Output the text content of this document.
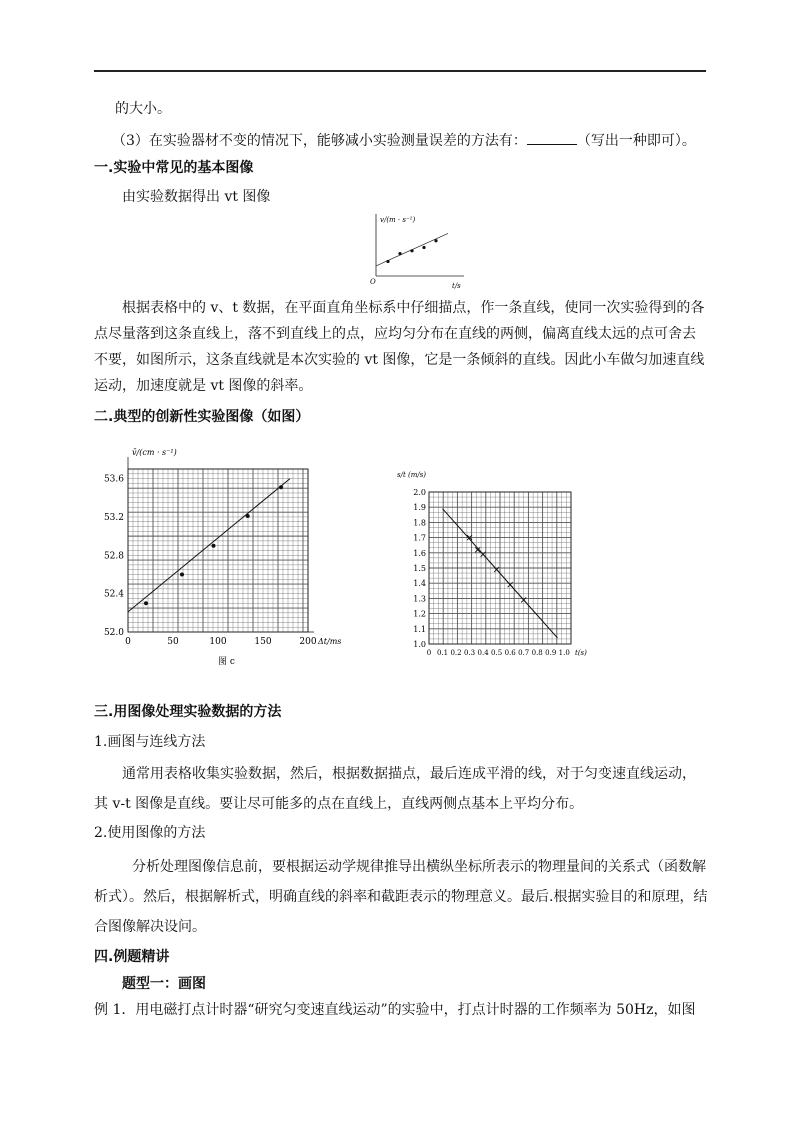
的大小。
（3）在实验器材不变的情况下，能够减小实验测量误差的方法有：	（写出一种即可）。
一.实验中常见的基本图像
由实验数据得出 vt 图像
v/(m · s⁻¹)
t/s
O
根据表格中的 v、t 数据，在平面直角坐标系中仔细描点，作一条直线，使同一次实验得到的各点尽量落到这条直线上，落不到直线上的点，应均匀分布在直线的两侧，偏离直线太远的点可舍去不要，如图所示，这条直线就是本次实验的 vt 图像，它是一条倾斜的直线。因此小车做匀加速直线运动，加速度就是 vt 图像的斜率。
二.典型的创新性实验图像（如图）
52.0
52.4
52.8
53.2
53.6
0	50	100	150	200
v̄/(cm · s⁻¹)
Δt/ms
图 c
1.0
1.1
1.2
1.3
1.4
1.5
1.6
1.7
1.8
1.9
2.0
0 0.1 0.2 0.3 0.4 0.5 0.6 0.7 0.8 0.9 1.0
s/t (m/s)
t(s)
三.用图像处理实验数据的方法
1.画图与连线方法
通常用表格收集实验数据，然后，根据数据描点，最后连成平滑的线，对于匀变速直线运动，其 v-t 图像是直线。要让尽可能多的点在直线上，直线两侧点基本上平均分布。
2.使用图像的方法
分析处理图像信息前，要根据运动学规律推导出横纵坐标所表示的物理量间的关系式（函数解析式）。然后，根据解析式，明确直线的斜率和截距表示的物理意义。最后.根据实验目的和原理，结合图像解决设问。
四.例题精讲
题型一：画图
例 1．用电磁打点计时器“研究匀变速直线运动”的实验中，打点计时器的工作频率为 50Hz，如图
